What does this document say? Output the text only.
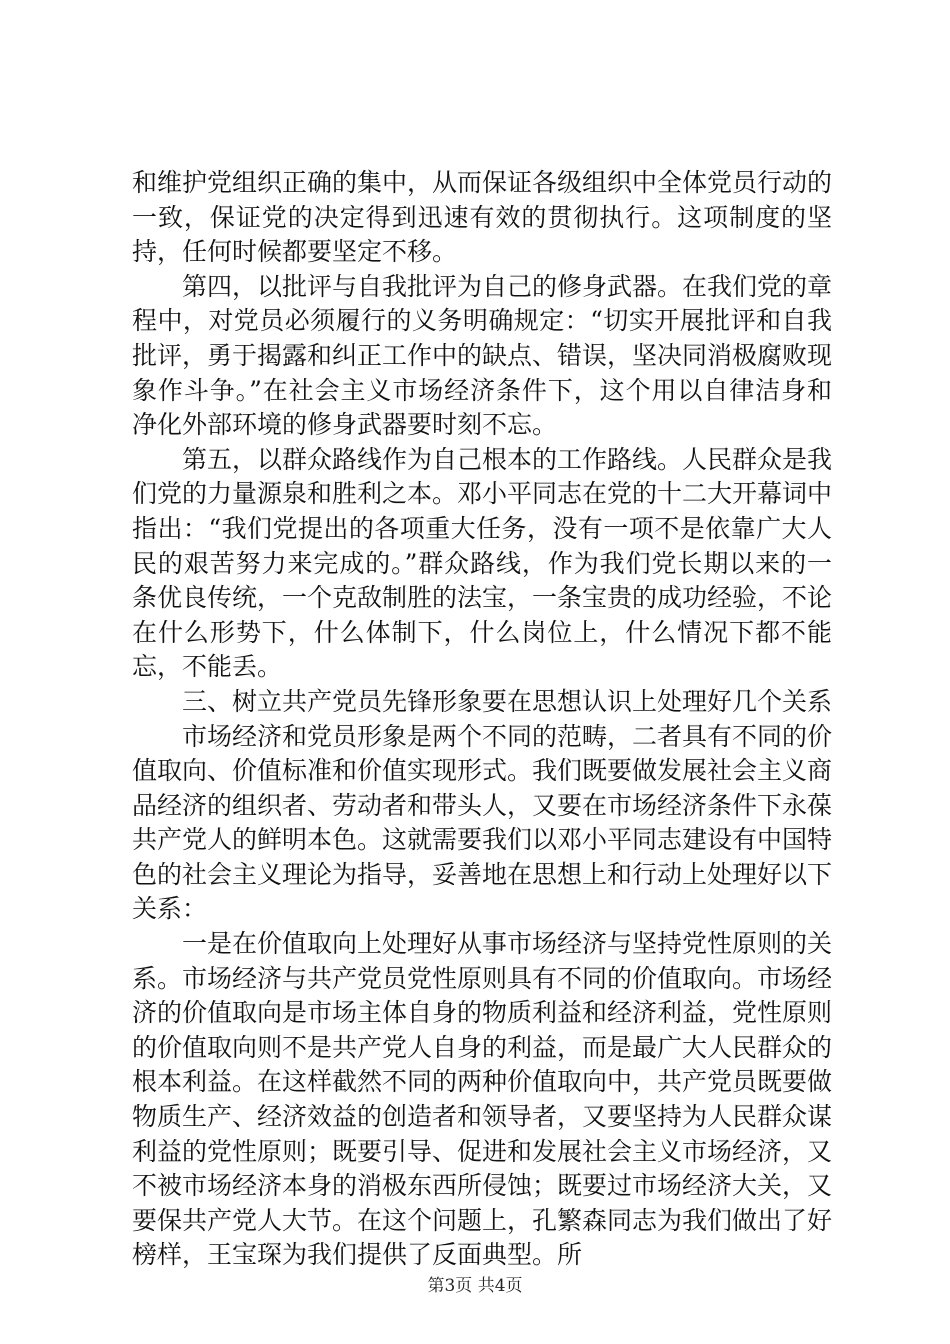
和维护党组织正确的集中，从而保证各级组织中全体党员行动的一致，保证党的决定得到迅速有效的贯彻执行。这项制度的坚持，任何时候都要坚定不移。

第四，以批评与自我批评为自己的修身武器。在我们党的章程中，对党员必须履行的义务明确规定：“切实开展批评和自我批评，勇于揭露和纠正工作中的缺点、错误，坚决同消极腐败现象作斗争。”在社会主义市场经济条件下，这个用以自律洁身和净化外部环境的修身武器要时刻不忘。

第五，以群众路线作为自己根本的工作路线。人民群众是我们党的力量源泉和胜利之本。邓小平同志在党的十二大开幕词中指出：“我们党提出的各项重大任务，没有一项不是依靠广大人民的艰苦努力来完成的。”群众路线，作为我们党长期以来的一条优良传统，一个克敌制胜的法宝，一条宝贵的成功经验，不论在什么形势下，什么体制下，什么岗位上，什么情况下都不能忘，不能丢。

三、树立共产党员先锋形象要在思想认识上处理好几个关系

市场经济和党员形象是两个不同的范畴，二者具有不同的价值取向、价值标准和价值实现形式。我们既要做发展社会主义商品经济的组织者、劳动者和带头人，又要在市场经济条件下永葆共产党人的鲜明本色。这就需要我们以邓小平同志建设有中国特色的社会主义理论为指导，妥善地在思想上和行动上处理好以下关系：

一是在价值取向上处理好从事市场经济与坚持党性原则的关系。市场经济与共产党员党性原则具有不同的价值取向。市场经济的价值取向是市场主体自身的物质利益和经济利益，党性原则的价值取向则不是共产党人自身的利益，而是最广大人民群众的根本利益。在这样截然不同的两种价值取向中，共产党员既要做物质生产、经济效益的创造者和领导者，又要坚持为人民群众谋利益的党性原则；既要引导、促进和发展社会主义市场经济，又不被市场经济本身的消极东西所侵蚀；既要过市场经济大关，又要保共产党人大节。在这个问题上，孔繁森同志为我们做出了好榜样，王宝琛为我们提供了反面典型。所

第3页 共4页
